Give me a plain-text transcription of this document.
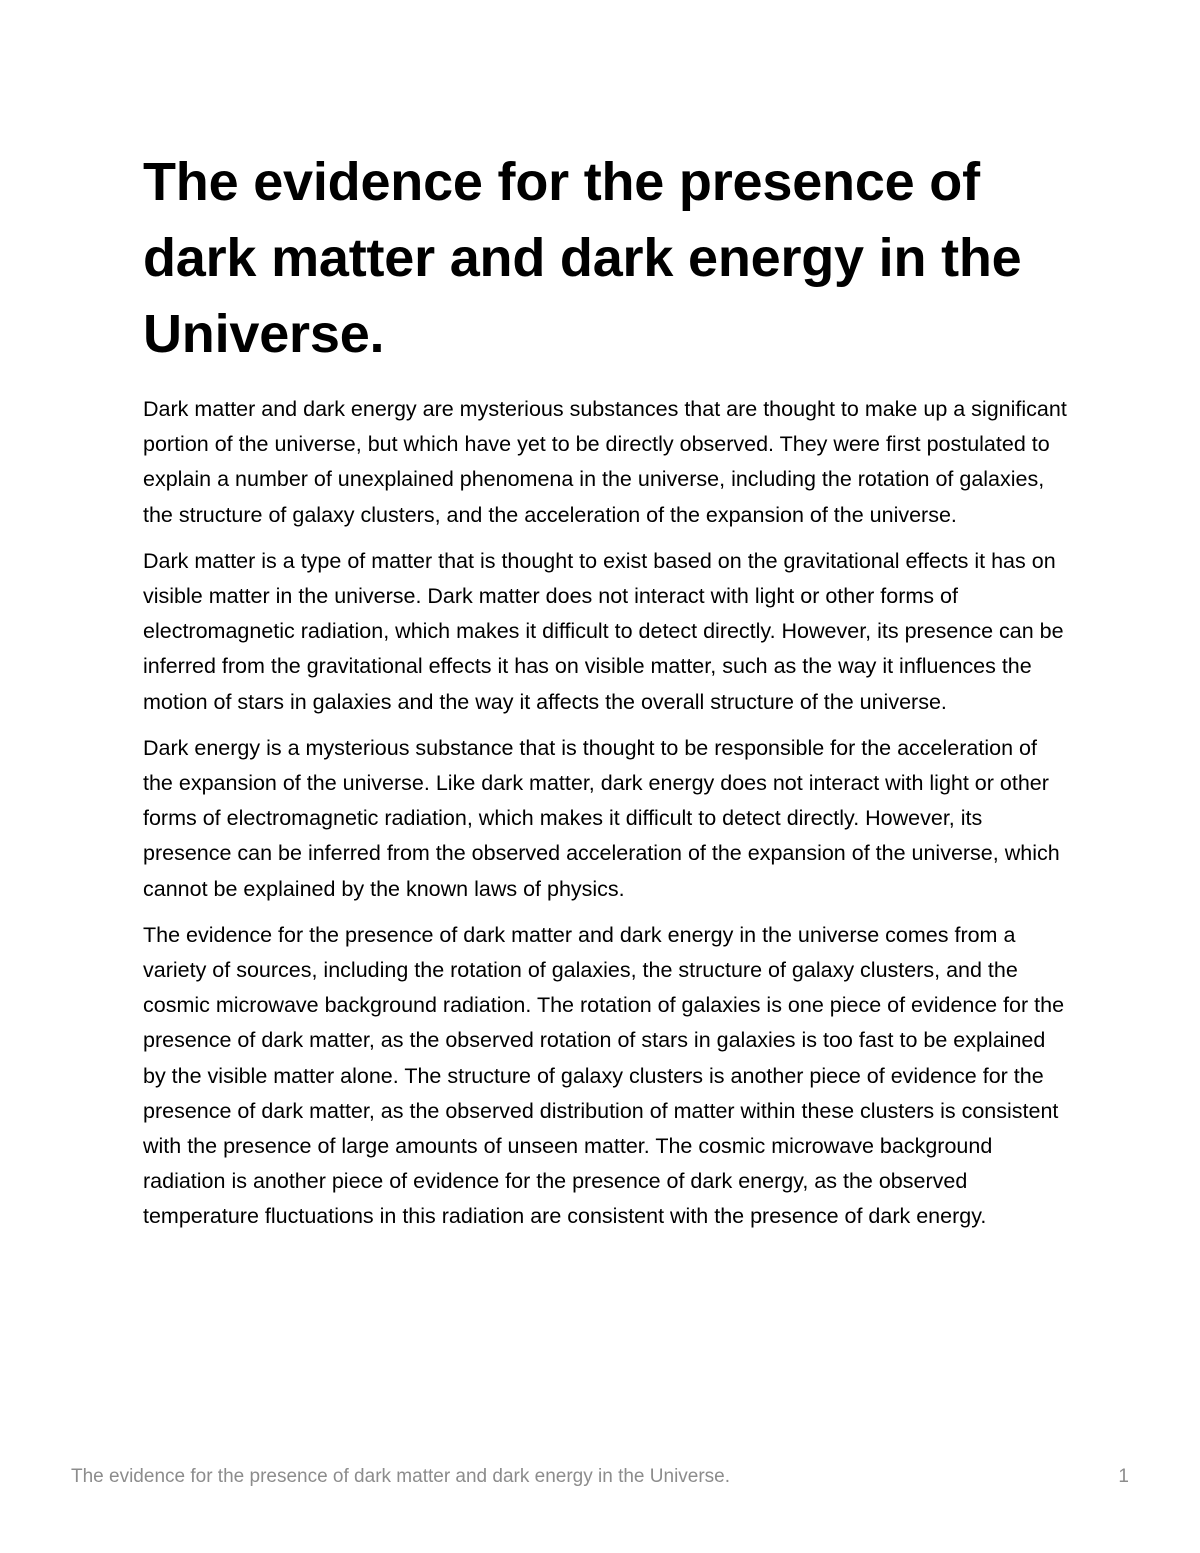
The evidence for the presence of dark matter and dark energy in the Universe.

Dark matter and dark energy are mysterious substances that are thought to make up a significant portion of the universe, but which have yet to be directly observed. They were first postulated to explain a number of unexplained phenomena in the universe, including the rotation of galaxies, the structure of galaxy clusters, and the acceleration of the expansion of the universe.

Dark matter is a type of matter that is thought to exist based on the gravitational effects it has on visible matter in the universe. Dark matter does not interact with light or other forms of electromagnetic radiation, which makes it difficult to detect directly. However, its presence can be inferred from the gravitational effects it has on visible matter, such as the way it influences the motion of stars in galaxies and the way it affects the overall structure of the universe.

Dark energy is a mysterious substance that is thought to be responsible for the acceleration of the expansion of the universe. Like dark matter, dark energy does not interact with light or other forms of electromagnetic radiation, which makes it difficult to detect directly. However, its presence can be inferred from the observed acceleration of the expansion of the universe, which cannot be explained by the known laws of physics.

The evidence for the presence of dark matter and dark energy in the universe comes from a variety of sources, including the rotation of galaxies, the structure of galaxy clusters, and the cosmic microwave background radiation. The rotation of galaxies is one piece of evidence for the presence of dark matter, as the observed rotation of stars in galaxies is too fast to be explained by the visible matter alone. The structure of galaxy clusters is another piece of evidence for the presence of dark matter, as the observed distribution of matter within these clusters is consistent with the presence of large amounts of unseen matter. The cosmic microwave background radiation is another piece of evidence for the presence of dark energy, as the observed temperature fluctuations in this radiation are consistent with the presence of dark energy.

The evidence for the presence of dark matter and dark energy in the Universe.	1
